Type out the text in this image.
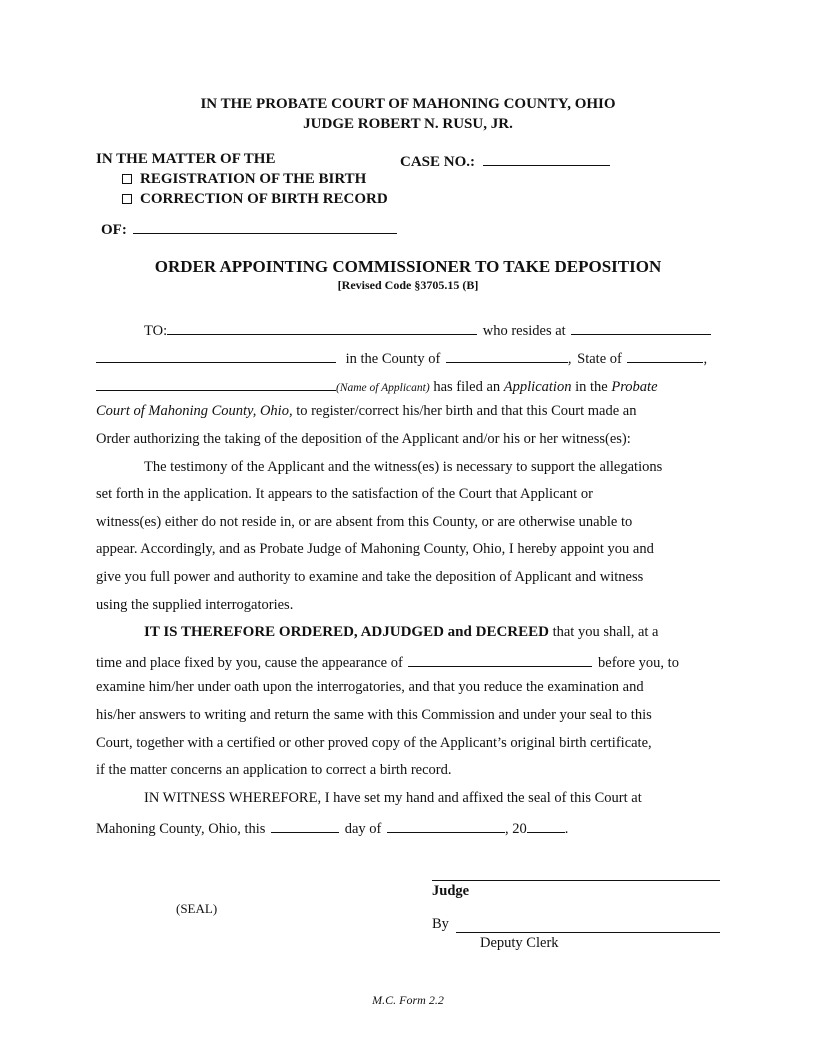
IN THE PROBATE COURT OF MAHONING COUNTY, OHIO
JUDGE ROBERT N. RUSU, JR.
IN THE MATTER OF THE	CASE NO.:
REGISTRATION OF THE BIRTH
CORRECTION OF BIRTH RECORD
OF:
ORDER APPOINTING COMMISSIONER TO TAKE DEPOSITION
[Revised Code §3705.15 (B]
TO:	who resides at
in the County of	, State of	,
(Name of Applicant) has filed an Application in the Probate
Court of Mahoning County, Ohio, to register/correct his/her birth and that this Court made an
Order authorizing the taking of the deposition of the Applicant and/or his or her witness(es):
The testimony of the Applicant and the witness(es) is necessary to support the allegations
set forth in the application. It appears to the satisfaction of the Court that Applicant or
witness(es) either do not reside in, or are absent from this County, or are otherwise unable to
appear. Accordingly, and as Probate Judge of Mahoning County, Ohio, I hereby appoint you and
give you full power and authority to examine and take the deposition of Applicant and witness
using the supplied interrogatories.
IT IS THEREFORE ORDERED, ADJUDGED and DECREED that you shall, at a
time and place fixed by you, cause the appearance of	before you, to
examine him/her under oath upon the interrogatories, and that you reduce the examination and
his/her answers to writing and return the same with this Commission and under your seal to this
Court, together with a certified or other proved copy of the Applicant’s original birth certificate,
if the matter concerns an application to correct a birth record.
IN WITNESS WHEREFORE, I have set my hand and affixed the seal of this Court at
Mahoning County, Ohio, this	day of	, 20	.
Judge
(SEAL)
By
Deputy Clerk
M.C. Form 2.2
